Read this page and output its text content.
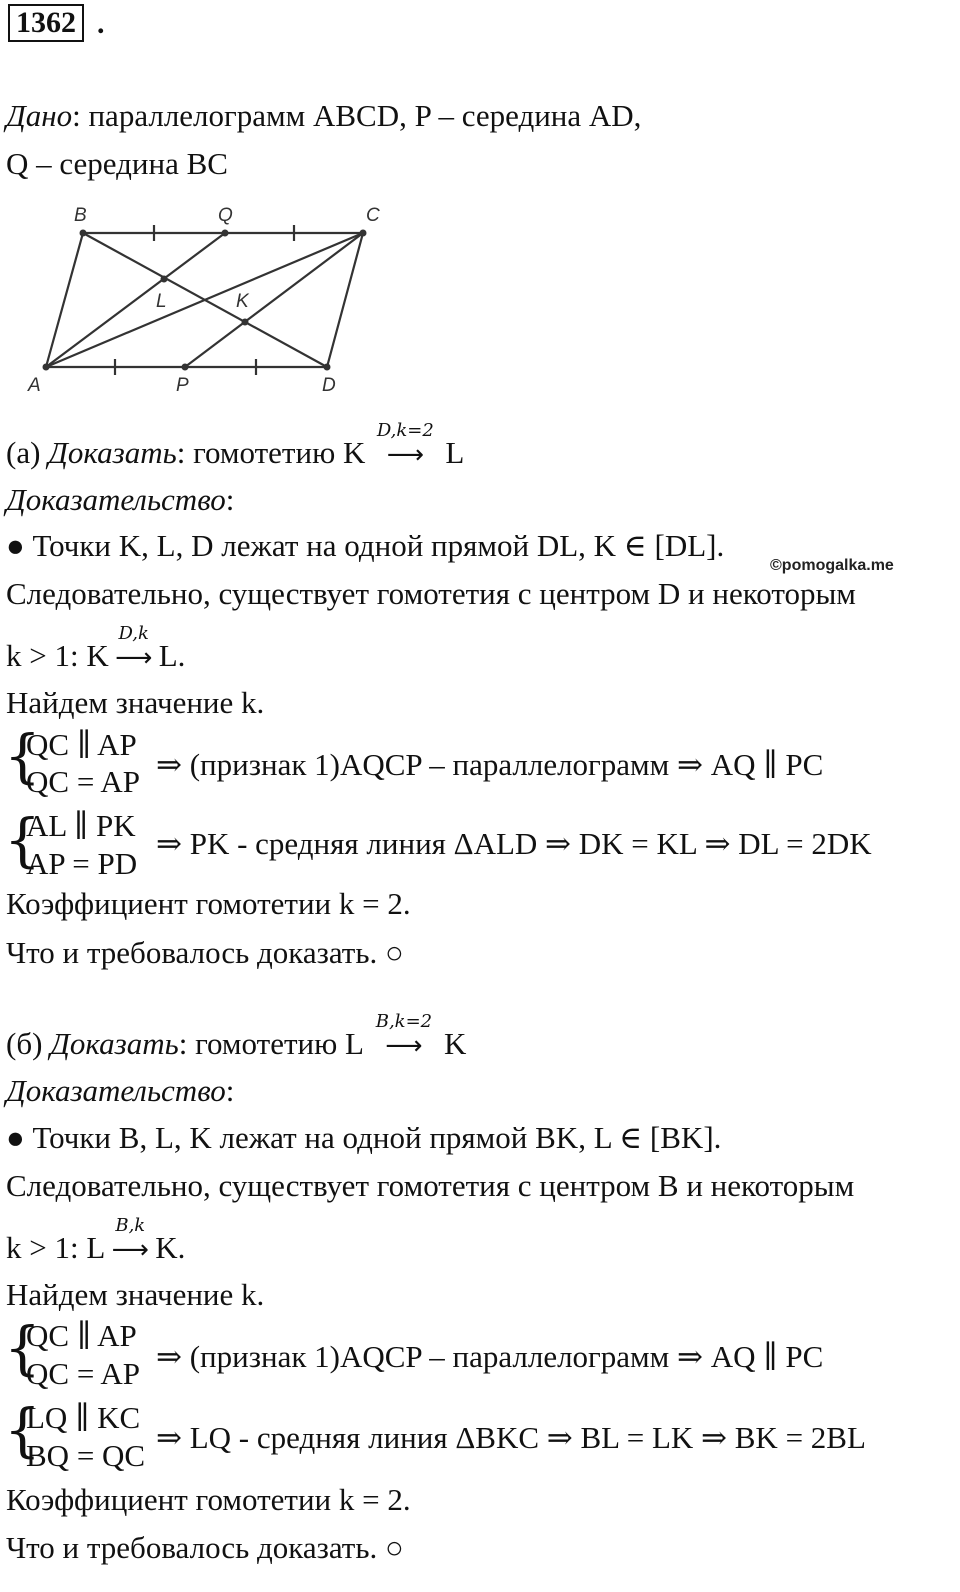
1362 .
Дано: параллелограмм ABCD, P – середина AD,
Q – середина BC
B	Q	C
A	P	D
L	K
(а) Доказать: гомотетию K
D,k=2
⟶ L
Доказательство:
● Точки K, L, D лежат на одной прямой DL, K ∈ [DL].
©pomogalka.me
Следовательно, существует гомотетия с центром D и некоторым
k > 1: K
D,k
⟶ L.
Найдем значение k.
{
QC ∥ AP
QC = AP ⇒ (признак 1)AQCP – параллелограмм ⇒ AQ ∥ PC
{
AL ∥ PK
AP = PD
⇒ PK - средняя линия ΔALD ⇒ DK = KL ⇒ DL = 2DK
Коэффициент гомотетии k = 2.
Что и требовалось доказать. ○
(б) Доказать: гомотетию L
B,k=2
⟶ K
Доказательство:
● Точки B, L, K лежат на одной прямой BK, L ∈ [BK].
Следовательно, существует гомотетия с центром B и некоторым
k > 1: L
B,k
⟶ K.
Найдем значение k.
{
QC ∥ AP
QC = AP ⇒ (признак 1)AQCP – параллелограмм ⇒ AQ ∥ PC
{
LQ ∥ KC
BQ = QC
⇒ LQ - средняя линия ΔBKC ⇒ BL = LK ⇒ BK = 2BL
Коэффициент гомотетии k = 2.
Что и требовалось доказать. ○
